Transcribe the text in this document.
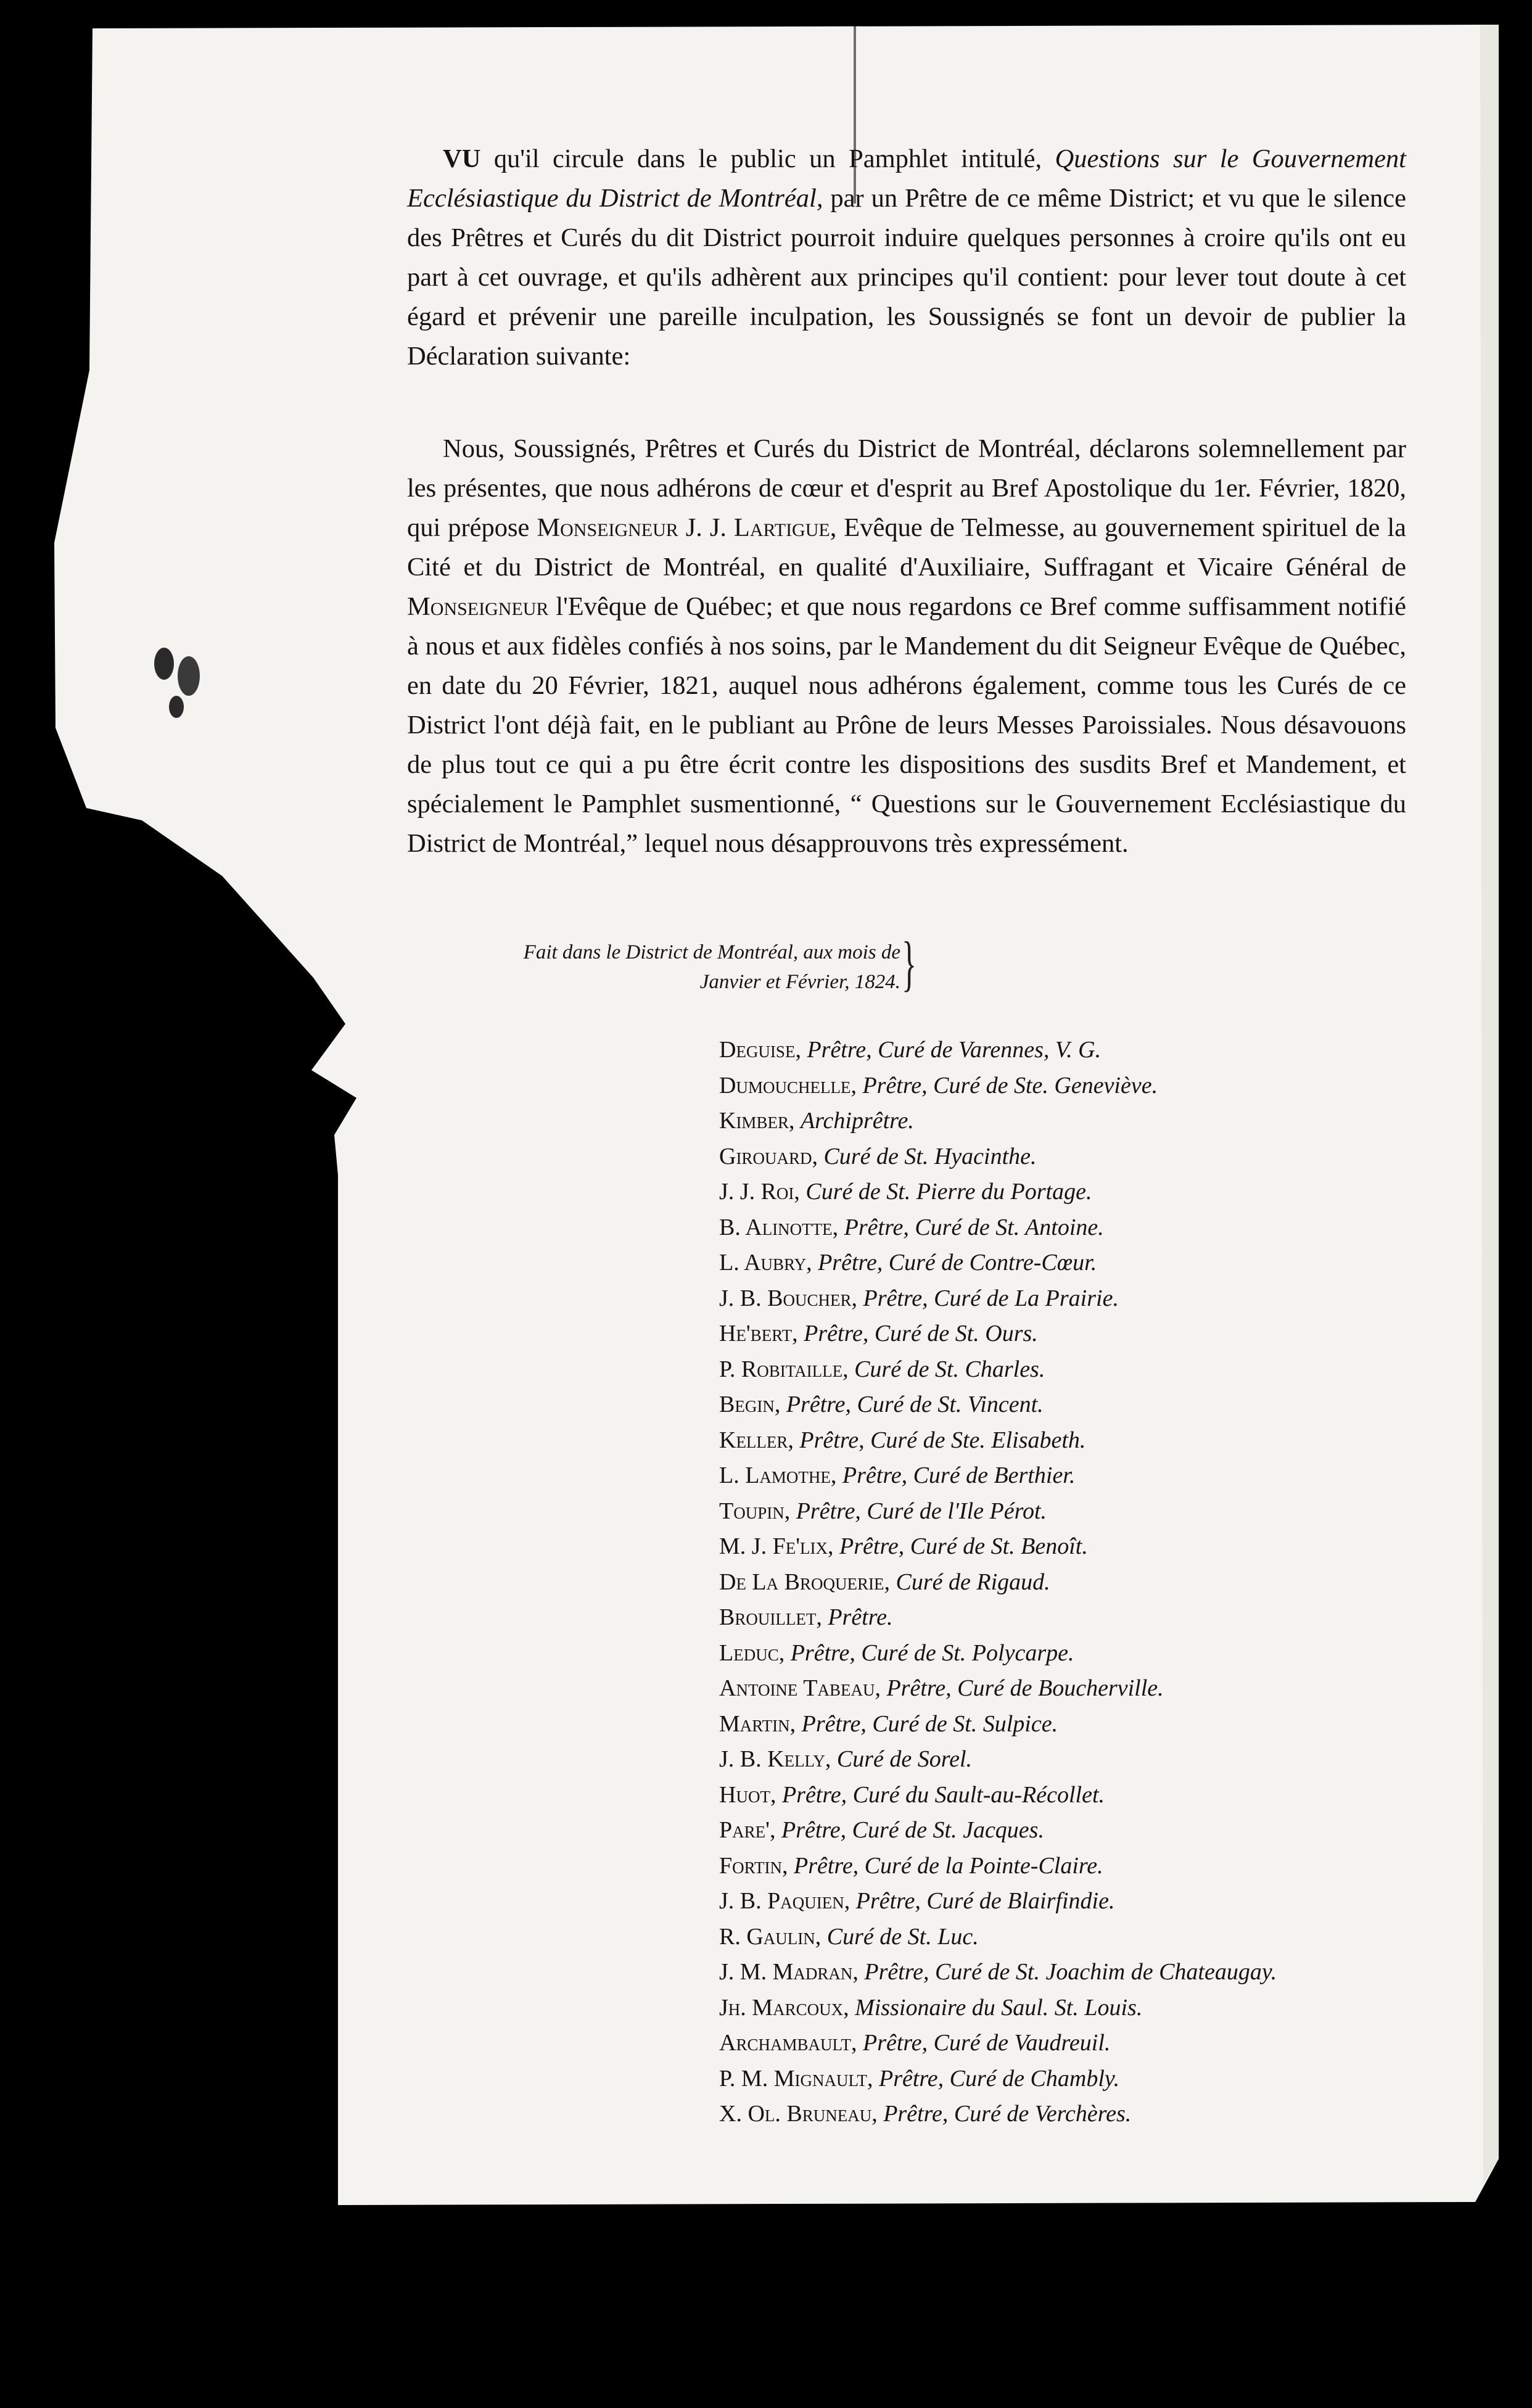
VU qu'il circule dans le public un Pamphlet intitulé, Questions sur le Gouvernement Ecclésiastique du District de Montréal, par un Prêtre de ce même District; et vu que le silence des Prêtres et Curés du dit District pourroit induire quelques personnes à croire qu'ils ont eu part à cet ouvrage, et qu'ils adhèrent aux principes qu'il contient: pour lever tout doute à cet égard et prévenir une pareille inculpation, les Soussignés se font un devoir de publier la Déclaration suivante:
Nous, Soussignés, Prêtres et Curés du District de Montréal, déclarons solemnellement par les présentes, que nous adhérons de cœur et d'esprit au Bref Apostolique du 1er. Février, 1820, qui prépose Monseigneur J. J. Lartigue, Evêque de Telmesse, au gouvernement spirituel de la Cité et du District de Montréal, en qualité d'Auxiliaire, Suffragant et Vicaire Général de Monseigneur l'Evêque de Québec; et que nous regardons ce Bref comme suffisamment notifié à nous et aux fidèles confiés à nos soins, par le Mandement du dit Seigneur Evêque de Québec, en date du 20 Février, 1821, auquel nous adhérons également, comme tous les Curés de ce District l'ont déjà fait, en le publiant au Prône de leurs Messes Paroissiales. Nous désavouons de plus tout ce qui a pu être écrit contre les dispositions des susdits Bref et Mandement, et spécialement le Pamphlet susmentionné, “ Questions sur le Gouvernement Ecclésiastique du District de Montréal,” lequel nous désapprouvons très expressément.
Fait dans le District de Montréal, aux mois de
Janvier et Février, 1824. }
Deguise, Prêtre, Curé de Varennes, V. G.
Dumouchelle, Prêtre, Curé de Ste. Geneviève.
Kimber, Archiprêtre.
Girouard, Curé de St. Hyacinthe.
J. J. Roi, Curé de St. Pierre du Portage.
B. Alinotte, Prêtre, Curé de St. Antoine.
L. Aubry, Prêtre, Curé de Contre-Cœur.
J. B. Boucher, Prêtre, Curé de La Prairie.
He'bert, Prêtre, Curé de St. Ours.
P. Robitaille, Curé de St. Charles.
Begin, Prêtre, Curé de St. Vincent.
Keller, Prêtre, Curé de Ste. Elisabeth.
L. Lamothe, Prêtre, Curé de Berthier.
Toupin, Prêtre, Curé de l'Ile Pérot.
M. J. Fe'lix, Prêtre, Curé de St. Benoît.
De La Broquerie, Curé de Rigaud.
Brouillet, Prêtre.
Leduc, Prêtre, Curé de St. Polycarpe.
Antoine Tabeau, Prêtre, Curé de Boucherville.
Martin, Prêtre, Curé de St. Sulpice.
J. B. Kelly, Curé de Sorel.
Huot, Prêtre, Curé du Sault-au-Récollet.
Pare', Prêtre, Curé de St. Jacques.
Fortin, Prêtre, Curé de la Pointe-Claire.
J. B. Paquien, Prêtre, Curé de Blairfindie.
R. Gaulin, Curé de St. Luc.
J. M. Madran, Prêtre, Curé de St. Joachim de Chateaugay.
Jh. Marcoux, Missionaire du Saul. St. Louis.
Archambault, Prêtre, Curé de Vaudreuil.
P. M. Mignault, Prêtre, Curé de Chambly.
X. Ol. Bruneau, Prêtre, Curé de Verchères.
